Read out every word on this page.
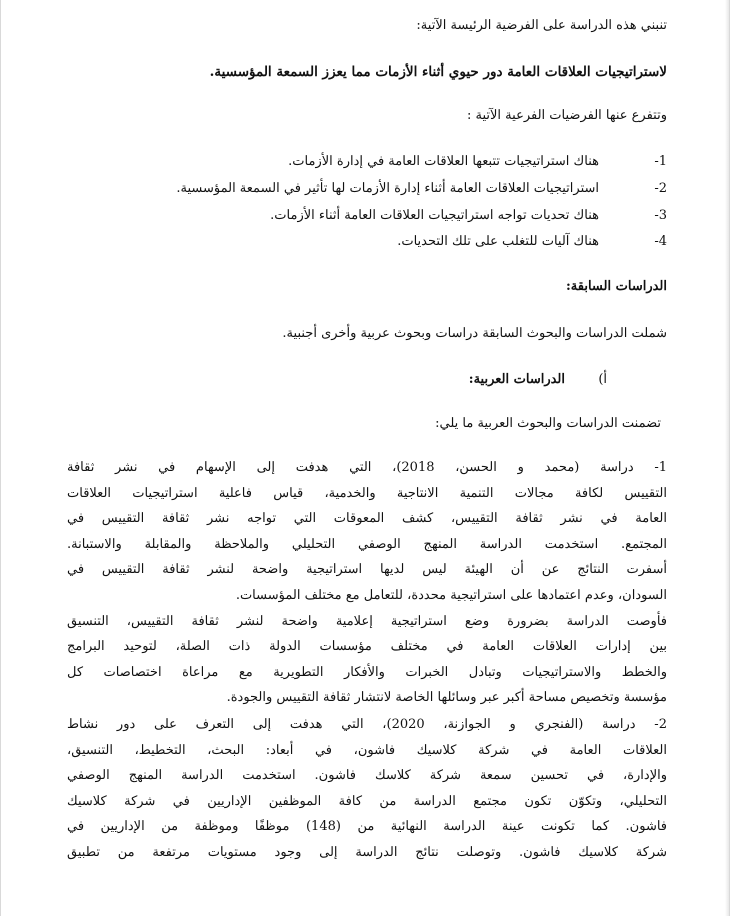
تنبني هذه الدراسة على الفرضية الرئيسة الآتية:
لاستراتيجيات العلاقات العامة دور حيوي أثناء الأزمات مما يعزز السمعة المؤسسية.
وتتفرع عنها الفرضيات الفرعية الآتية :
1-
هناك استراتيجيات تتبعها العلاقات العامة في إدارة الأزمات.
2-
استراتيجيات العلاقات العامة أثناء إدارة الأزمات لها تأثير في السمعة المؤسسية.
3-
هناك تحديات تواجه استراتيجيات العلاقات العامة أثناء الأزمات.
4-
هناك آليات للتغلب على تلك التحديات.
الدراسات السابقة:
شملت الدراسات والبحوث السابقة دراسات وبحوث عربية وأخرى أجنبية.
أ)
الدراسات العربية:
تضمنت الدراسات والبحوث العربية ما يلي:
1- دراسة (محمد و الحسن، 2018)، التي هدفت إلى الإسهام في نشر ثقافة
التقييس لكافة مجالات التنمية الانتاجية والخدمية، قياس فاعلية استراتيجيات العلاقات
العامة في نشر ثقافة التقييس، كشف المعوقات التي تواجه نشر ثقافة التقييس في
المجتمع. استخدمت الدراسة المنهج الوصفي التحليلي والملاحظة والمقابلة والاستبانة.
أسفرت النتائج عن أن الهيئة ليس لديها استراتيجية واضحة لنشر ثقافة التقييس في
السودان، وعدم اعتمادها على استراتيجية محددة، للتعامل مع مختلف المؤسسات.
فأوصت الدراسة بضرورة وضع استراتيجية إعلامية واضحة لنشر ثقافة التقييس، التنسيق
بين إدارات العلاقات العامة في مختلف مؤسسات الدولة ذات الصلة، لتوحيد البرامج
والخطط والاستراتيجيات وتبادل الخبرات والأفكار التطويرية مع مراعاة اختصاصات كل
مؤسسة وتخصيص مساحة أكبر عبر وسائلها الخاصة لانتشار ثقافة التقييس والجودة.
2- دراسة (الفنجري و الجوازنة، 2020)، التي هدفت إلى التعرف على دور نشاط
العلاقات العامة في شركة كلاسيك فاشون، في أبعاد: البحث، التخطيط، التنسيق،
والإدارة، في تحسين سمعة شركة كلاسك فاشون. استخدمت الدراسة المنهج الوصفي
التحليلي، وتكوّن تكون مجتمع الدراسة من كافة الموظفين الإداريين في شركة كلاسيك
فاشون. كما تكونت عينة الدراسة النهائية من (148) موظفًا وموظفة من الإداريين في
شركة كلاسيك فاشون. وتوصلت نتائج الدراسة إلى وجود مستويات مرتفعة من تطبيق
